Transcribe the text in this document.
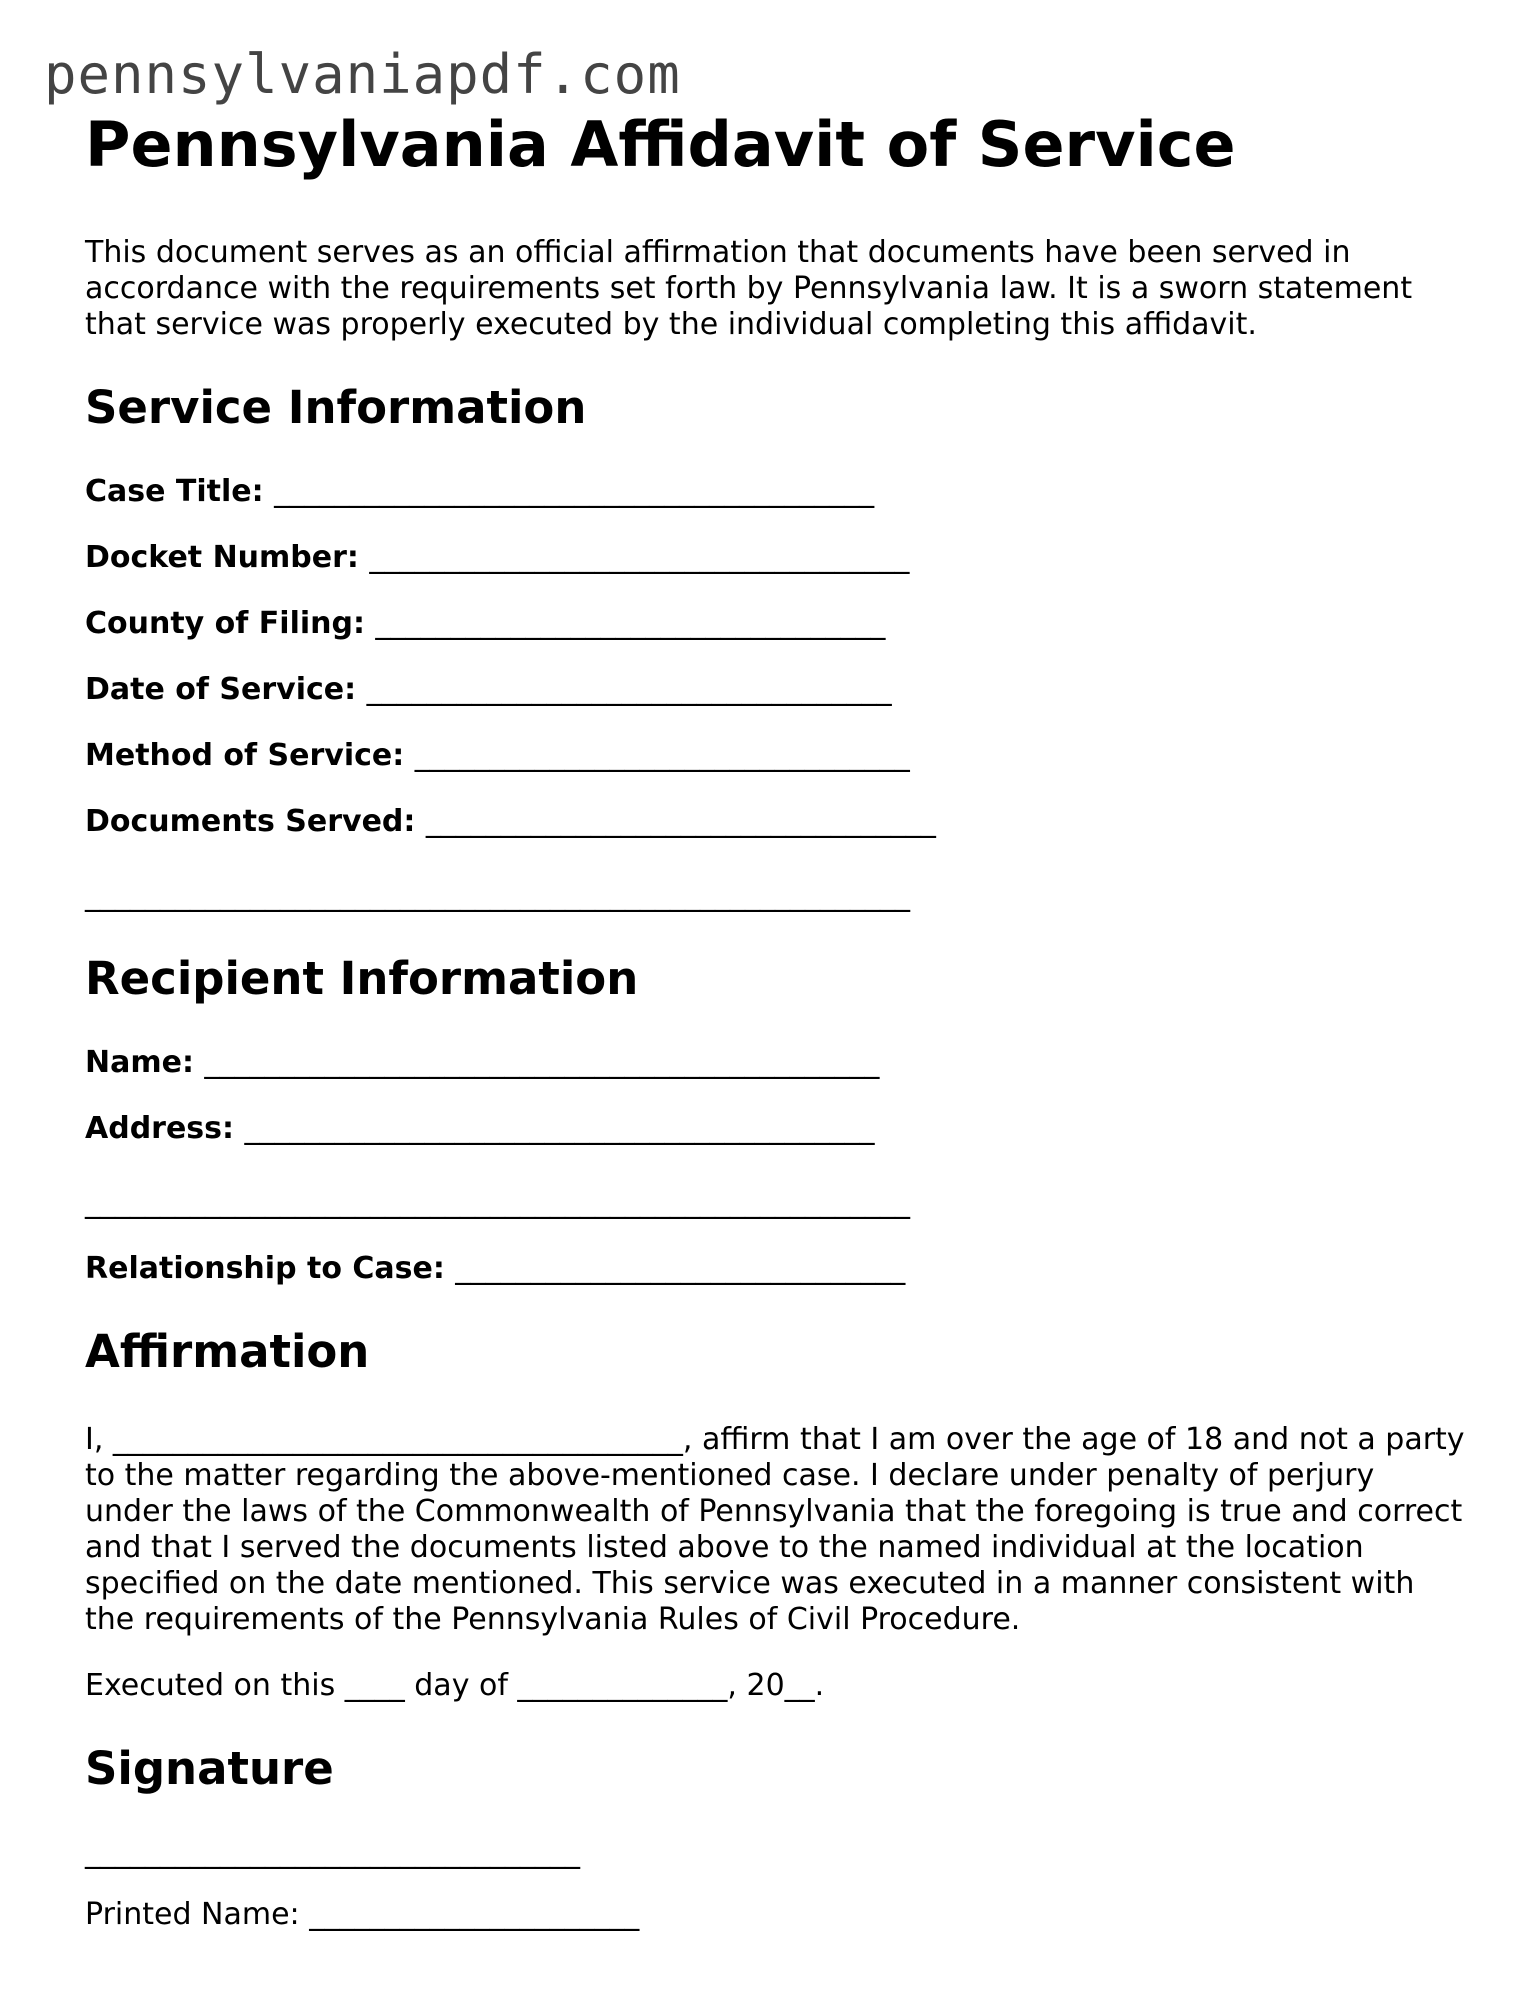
pennsylvaniapdf.com
Pennsylvania Affidavit of Service

This document serves as an official affirmation that documents have been served in accordance with the requirements set forth by Pennsylvania law. It is a sworn statement that service was properly executed by the individual completing this affidavit.

Service Information
Case Title: ________________________________________
Docket Number: ____________________________________
County of Filing: __________________________________
Date of Service: ___________________________________
Method of Service: _________________________________
Documents Served: __________________________________
_______________________________________________________
Recipient Information
Name: _____________________________________________
Address: __________________________________________
_______________________________________________________
Relationship to Case: ______________________________
Affirmation
I, ______________________________________, affirm that I am over the age of 18 and not a party to the matter regarding the above-mentioned case. I declare under penalty of perjury under the laws of the Commonwealth of Pennsylvania that the foregoing is true and correct and that I served the documents listed above to the named individual at the location specified on the date mentioned. This service was executed in a manner consistent with the requirements of the Pennsylvania Rules of Civil Procedure.
Executed on this ____ day of ______________, 20__.
Signature
_________________________________
Printed Name: ______________________
